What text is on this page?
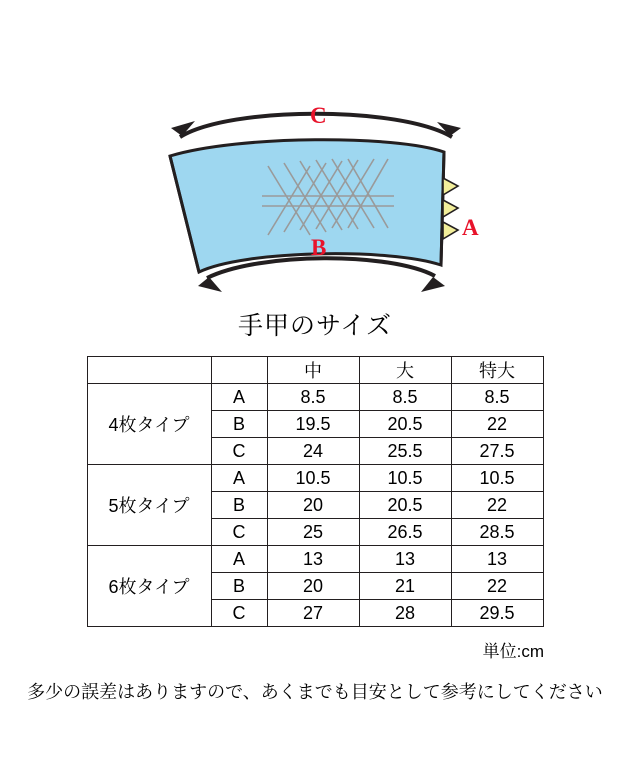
C
B
A
手甲のサイズ
		中	大	特大
4枚タイプ	A	8.5	8.5	8.5
	B	19.5	20.5	22
	C	24	25.5	27.5
5枚タイプ	A	10.5	10.5	10.5
	B	20	20.5	22
	C	25	26.5	28.5
6枚タイプ	A	13	13	13
	B	20	21	22
	C	27	28	29.5
単位:cm
多少の誤差はありますので、あくまでも目安として参考にしてください
